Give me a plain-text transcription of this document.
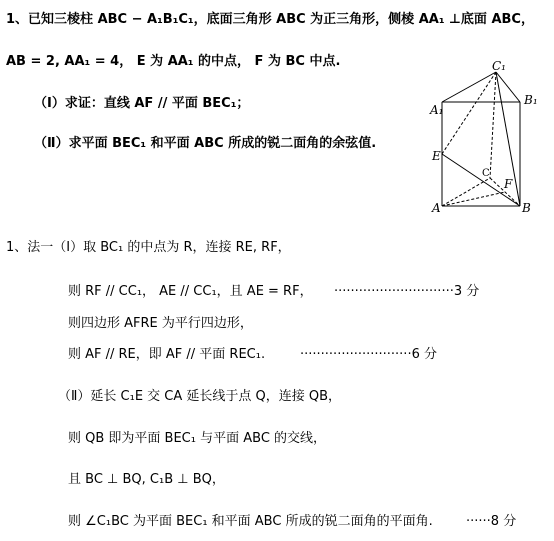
1、已知三棱柱 ABC − A₁B₁C₁，底面三角形 ABC 为正三角形，侧棱 AA₁ ⊥底面 ABC，
AB = 2, AA₁ = 4， E 为 AA₁ 的中点， F 为 BC 中点.
（Ⅰ）求证：直线 AF // 平面 BEC₁；
（Ⅱ）求平面 BEC₁ 和平面 ABC 所成的锐二面角的余弦值.
C₁
B₁
A₁
E
C
F
A	B
1、法一（Ⅰ）取 BC₁ 的中点为 R，连接 RE, RF，
则 RF // CC₁， AE // CC₁，且 AE = RF， ·····························3 分
则四边形 AFRE 为平行四边形，
则 AF // RE，即 AF // 平面 REC₁.	···························6 分
（Ⅱ）延长 C₁E 交 CA 延长线于点 Q，连接 QB，
则 QB 即为平面 BEC₁ 与平面 ABC 的交线，
且 BC ⊥ BQ, C₁B ⊥ BQ，
则 ∠C₁BC 为平面 BEC₁ 和平面 ABC 所成的锐二面角的平面角.	······8 分
